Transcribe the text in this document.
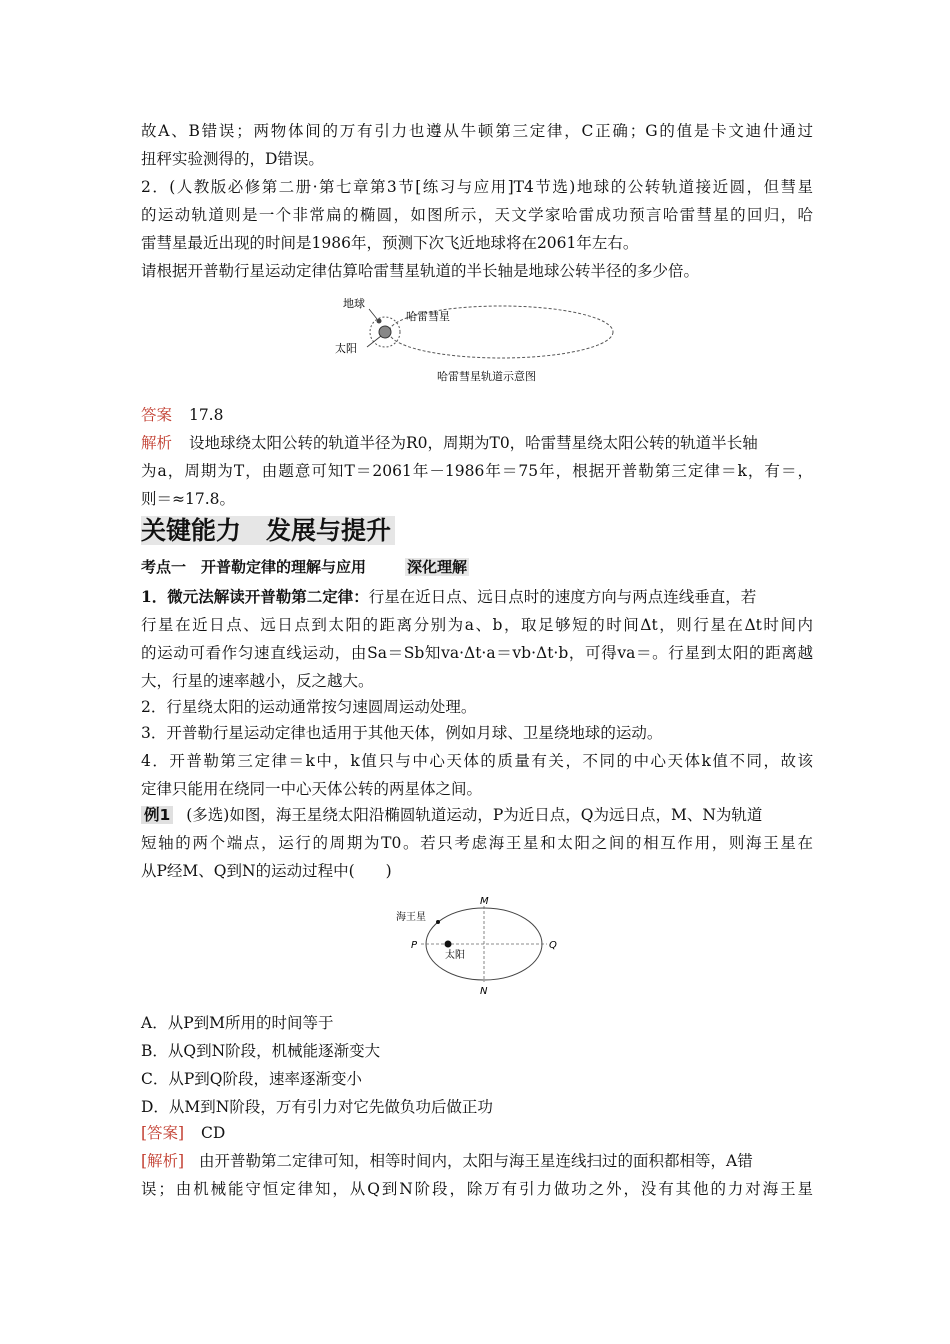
故A、B错误；两物体间的万有引力也遵从牛顿第三定律，C正确；G的值是卡文迪什通过
扭秤实验测得的，D错误。
2．(人教版必修第二册·第七章第3节[练习与应用]T4节选)地球的公转轨道接近圆，但彗星
的运动轨道则是一个非常扁的椭圆，如图所示，天文学家哈雷成功预言哈雷彗星的回归，哈
雷彗星最近出现的时间是1986年，预测下次飞近地球将在2061年左右。
请根据开普勒行星运动定律估算哈雷彗星轨道的半长轴是地球公转半径的多少倍。
地球
哈雷彗星
太阳
哈雷彗星轨道示意图
答案 17.8
解析 设地球绕太阳公转的轨道半径为R0，周期为T0，哈雷彗星绕太阳公转的轨道半长轴
为a，周期为T，由题意可知T＝2061年－1986年＝75年，根据开普勒第三定律＝k，有＝，
则＝≈17.8。
关键能力　发展与提升
考点一　开普勒定律的理解与应用	深化理解
1．微元法解读开普勒第二定律：行星在近日点、远日点时的速度方向与两点连线垂直，若
行星在近日点、远日点到太阳的距离分别为a、b，取足够短的时间Δt，则行星在Δt时间内
的运动可看作匀速直线运动，由Sa＝Sb知va·Δt·a＝vb·Δt·b，可得va＝。行星到太阳的距离越
大，行星的速率越小，反之越大。
2．行星绕太阳的运动通常按匀速圆周运动处理。
3．开普勒行星运动定律也适用于其他天体，例如月球、卫星绕地球的运动。
4．开普勒第三定律＝k中，k值只与中心天体的质量有关，不同的中心天体k值不同，故该
定律只能用在绕同一中心天体公转的两星体之间。
例1 (多选)如图，海王星绕太阳沿椭圆轨道运动，P为近日点，Q为远日点，M、N为轨道
短轴的两个端点，运行的周期为T0。若只考虑海王星和太阳之间的相互作用，则海王星在
从P经M、Q到N的运动过程中(　　)
海王星
太阳
P	Q
M
N
A．从P到M所用的时间等于
B．从Q到N阶段，机械能逐渐变大
C．从P到Q阶段，速率逐渐变小
D．从M到N阶段，万有引力对它先做负功后做正功
[答案] CD
[解析] 由开普勒第二定律可知，相等时间内，太阳与海王星连线扫过的面积都相等，A错
误；由机械能守恒定律知，从Q到N阶段，除万有引力做功之外，没有其他的力对海王星
